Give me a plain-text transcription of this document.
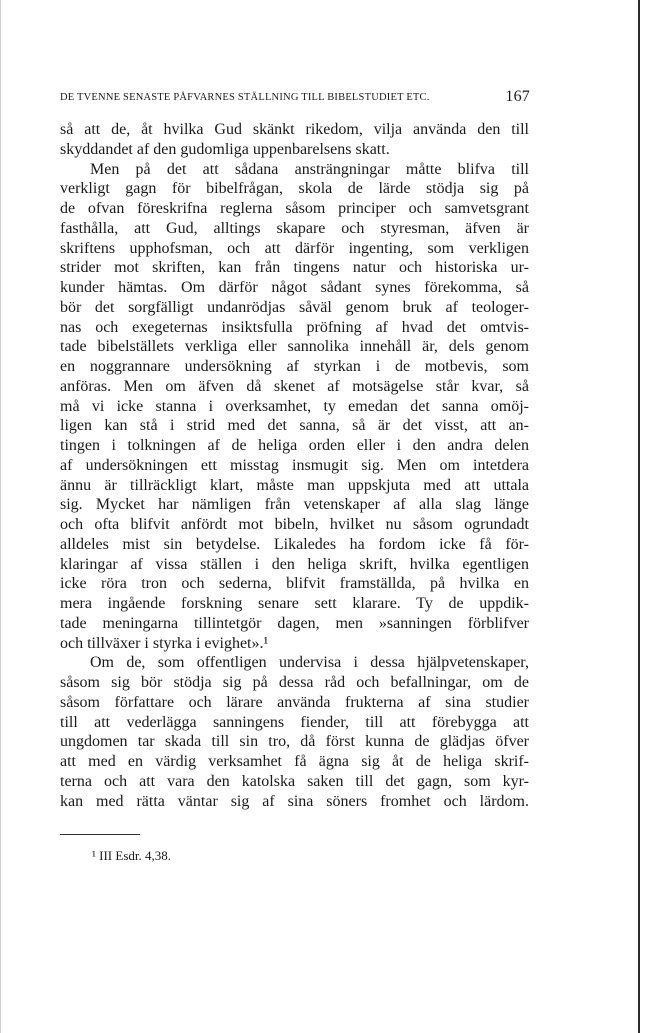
DE TVENNE SENASTE PÅFVARNES STÄLLNING TILL BIBELSTUDIET ETC.	167
så att de, åt hvilka Gud skänkt rikedom, vilja använda den till
skyddandet af den gudomliga uppenbarelsens skatt.
Men på det att sådana ansträngningar måtte blifva till
verkligt gagn för bibelfrågan, skola de lärde stödja sig på
de ofvan föreskrifna reglerna såsom principer och samvetsgrant
fasthålla, att Gud, alltings skapare och styresman, äfven är
skriftens upphofsman, och att därför ingenting, som verkligen
strider mot skriften, kan från tingens natur och historiska ur-
kunder hämtas. Om därför något sådant synes förekomma, så
bör det sorgfälligt undanrödjas såväl genom bruk af teologer-
nas och exegeternas insiktsfulla pröfning af hvad det omtvis-
tade bibelställets verkliga eller sannolika innehåll är, dels genom
en noggrannare undersökning af styrkan i de motbevis, som
anföras. Men om äfven då skenet af motsägelse står kvar, så
må vi icke stanna i overksamhet, ty emedan det sanna omöj-
ligen kan stå i strid med det sanna, så är det visst, att an-
tingen i tolkningen af de heliga orden eller i den andra delen
af undersökningen ett misstag insmugit sig. Men om intetdera
ännu är tillräckligt klart, måste man uppskjuta med att uttala
sig. Mycket har nämligen från vetenskaper af alla slag länge
och ofta blifvit anfördt mot bibeln, hvilket nu såsom ogrundadt
alldeles mist sin betydelse. Likaledes ha fordom icke få för-
klaringar af vissa ställen i den heliga skrift, hvilka egentligen
icke röra tron och sederna, blifvit framställda, på hvilka en
mera ingående forskning senare sett klarare. Ty de uppdik-
tade meningarna tillintetgör dagen, men »sanningen förblifver
och tillväxer i styrka i evighet».¹
Om de, som offentligen undervisa i dessa hjälpvetenskaper,
såsom sig bör stödja sig på dessa råd och befallningar, om de
såsom författare och lärare använda frukterna af sina studier
till att vederlägga sanningens fiender, till att förebygga att
ungdomen tar skada till sin tro, då först kunna de glädjas öfver
att med en värdig verksamhet få ägna sig åt de heliga skrif-
terna och att vara den katolska saken till det gagn, som kyr-
kan med rätta väntar sig af sina söners fromhet och lärdom.
¹ III Esdr. 4,38.
